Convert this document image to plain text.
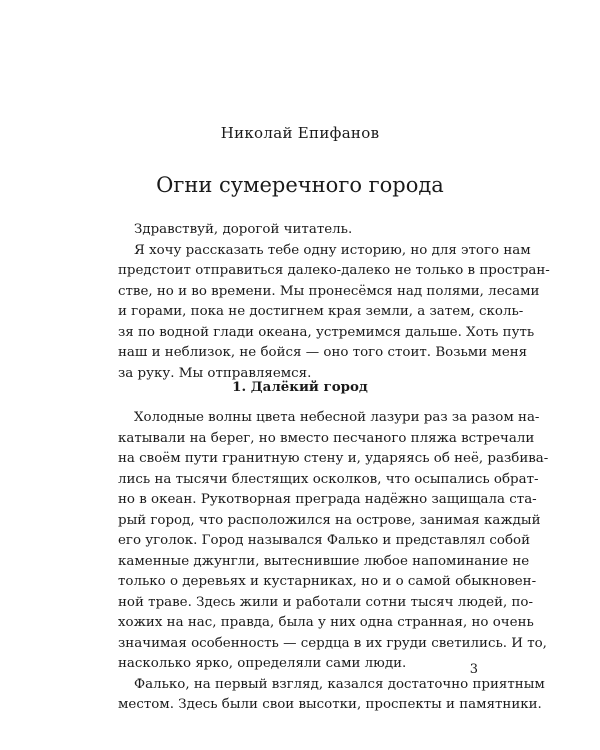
Николай Епифанов
Огни сумеречного города
Здравствуй, дорогой читатель.
Я хочу рассказать тебе одну историю, но для этого нам
предстоит отправиться далеко-далеко не только в простран-
стве, но и во времени. Мы пронесёмся над полями, лесами
и горами, пока не достигнем края земли, а затем, сколь-
зя по водной глади океана, устремимся дальше. Хоть путь
наш и неблизок, не бойся — оно того стоит. Возьми меня
за руку. Мы отправляемся.
1. Далёкий город
Холодные волны цвета небесной лазури раз за разом на-
катывали на берег, но вместо песчаного пляжа встречали
на своём пути гранитную стену и, ударяясь об неё, разбива-
лись на тысячи блестящих осколков, что осыпались обрат-
но в океан. Рукотворная преграда надёжно защищала ста-
рый город, что расположился на острове, занимая каждый
его уголок. Город назывался Фалько и представлял собой
каменные джунгли, вытеснившие любое напоминание не
только о деревьях и кустарниках, но и о самой обыкновен-
ной траве. Здесь жили и работали сотни тысяч людей, по-
хожих на нас, правда, была у них одна странная, но очень
значимая особенность — сердца в их груди светились. И то,
насколько ярко, определяли сами люди.
Фалько, на первый взгляд, казался достаточно приятным
местом. Здесь были свои высотки, проспекты и памятники.
3
